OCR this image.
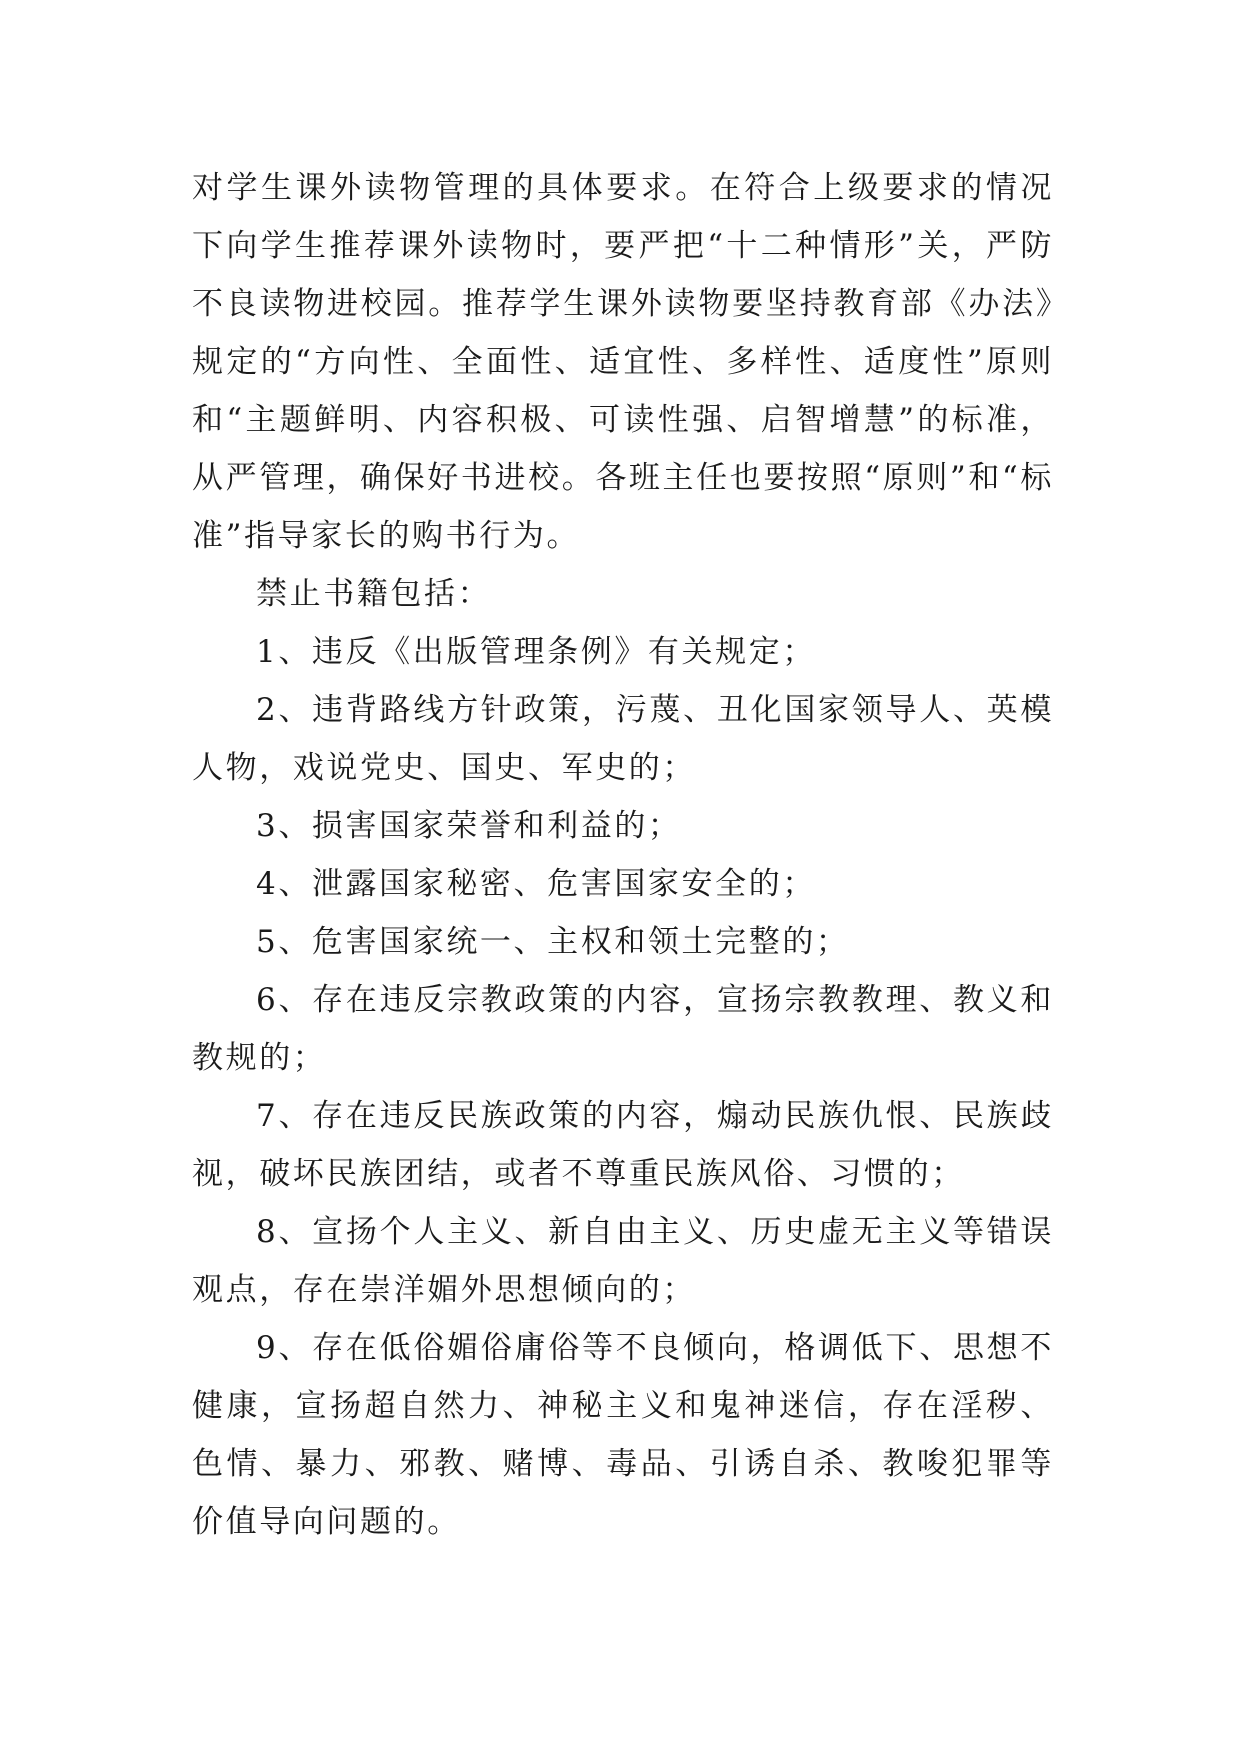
对学生课外读物管理的具体要求。在符合上级要求的情况下向学生推荐课外读物时，要严把“十二种情形”关，严防不良读物进校园。推荐学生课外读物要坚持教育部《办法》规定的“方向性、全面性、适宜性、多样性、适度性”原则和“主题鲜明、内容积极、可读性强、启智增慧”的标准，从严管理，确保好书进校。各班主任也要按照“原则”和“标准”指导家长的购书行为。

禁止书籍包括：

1、违反《出版管理条例》有关规定；

2、违背路线方针政策，污蔑、丑化国家领导人、英模人物，戏说党史、国史、军史的；

3、损害国家荣誉和利益的；

4、泄露国家秘密、危害国家安全的；

5、危害国家统一、主权和领土完整的；

6、存在违反宗教政策的内容，宣扬宗教教理、教义和教规的；

7、存在违反民族政策的内容，煽动民族仇恨、民族歧视，破坏民族团结，或者不尊重民族风俗、习惯的；

8、宣扬个人主义、新自由主义、历史虚无主义等错误观点，存在崇洋媚外思想倾向的；

9、存在低俗媚俗庸俗等不良倾向，格调低下、思想不健康，宣扬超自然力、神秘主义和鬼神迷信，存在淫秽、色情、暴力、邪教、赌博、毒品、引诱自杀、教唆犯罪等价值导向问题的。
